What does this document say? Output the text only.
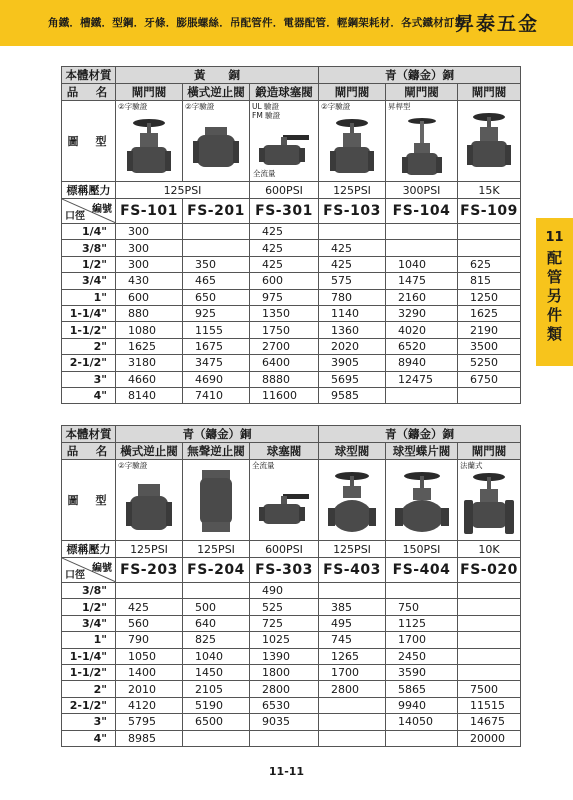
角鐵．槽鐵．型鋼．牙條．膨脹螺絲．吊配管件．電器配管．輕鋼架耗材．各式鐵材訂製
昇泰五金
11
配
管
另
件
類
本體材質	黃　　銅			青（鑄金）銅		
品　名	閘門閥	橫式逆止閥	鍛造球塞閥	閘門閥	閘門閥	閘門閥
圖　型	②字驗證	②字驗證	UL 驗證
FM 驗證
全流量	②字驗證	昇桿型

標稱壓力	125PSI		600PSI	125PSI	300PSI	15K

編號
口徑	FS-101	FS-201	FS-301	FS-103	FS-104	FS-109
1/4"	300		425			
3/8"	300		425	425		
1/2"	300	350	425	425	1040	625
3/4"	430	465	600	575	1475	815
1"	600	650	975	780	2160	1250
1-1/4"	880	925	1350	1140	3290	1625
1-1/2"	1080	1155	1750	1360	4020	2190
2"	1625	1675	2700	2020	6520	3500
2-1/2"	3180	3475	6400	3905	8940	5250
3"	4660	4690	8880	5695	12475	6750
4"	8140	7410	11600	9585		
本體材質	青（鑄金）銅			青（鑄金）銅		
品　名	橫式逆止閥	無聲逆止閥	球塞閥	球型閥	球型蝶片閥	閘門閥
圖　型	②字驗證		全流量			法蘭式

標稱壓力	125PSI	125PSI	600PSI	125PSI	150PSI	10K

編號
口徑	FS-203	FS-204	FS-303	FS-403	FS-404	FS-020
3/8"			490			
1/2"	425	500	525	385	750	
3/4"	560	640	725	495	1125	
1"	790	825	1025	745	1700	
1-1/4"	1050	1040	1390	1265	2450	
1-1/2"	1400	1450	1800	1700	3590	
2"	2010	2105	2800	2800	5865	7500
2-1/2"	4120	5190	6530		9940	11515
3"	5795	6500	9035		14050	14675
4"	8985					20000
11-11
